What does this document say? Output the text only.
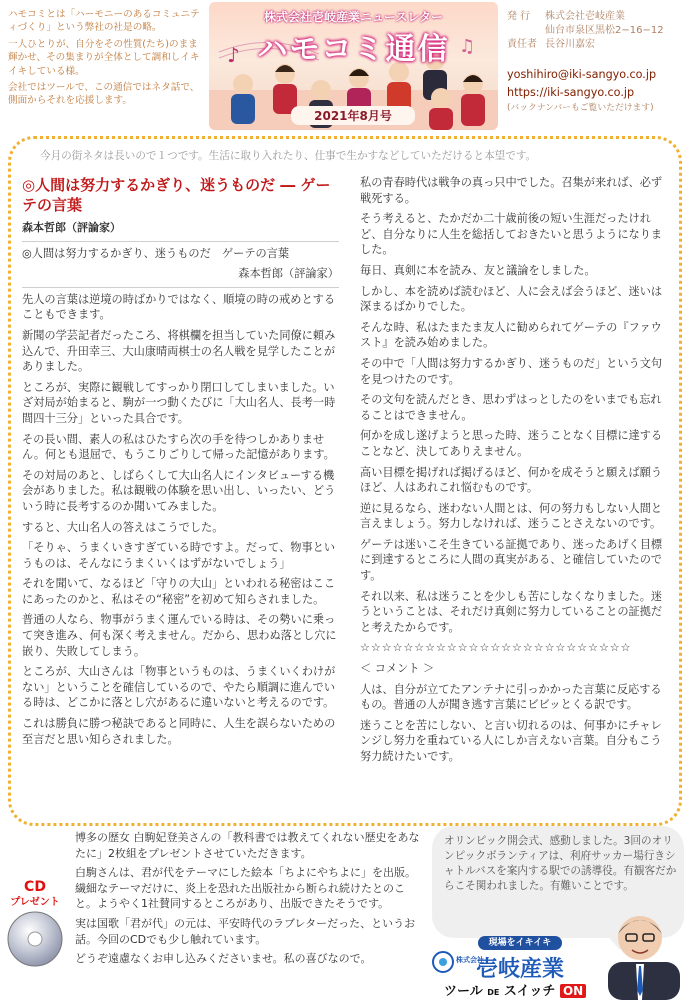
ハモコミとは「ハーモニーのあるコミュニティづくり」という弊社の社是の略。

一人ひとりが、自分をその性質(たち)のまま輝かせ、その集まりが全体として調和しイキイキしている様。

会社ではツールで、この通信ではネタ話で、側面からそれを応援します。

♪	♫
株式会社壱岐産業ニュースレター
ハモコミ通信
2021年8月号
発 行	株式会社壱岐産業
仙台市泉区黒松2−16−12
責任者 長谷川嘉宏
yoshihiro@iki-sangyo.co.jp
https://iki-sangyo.co.jp
(バックナンバーもご覧いただけます)
今月の街ネタは長いので１つです。生活に取り入れたり、仕事で生かすなどしていただけると本望です。

◎人間は努力するかぎり、迷うものだ ― ゲーテの言葉

森本哲郎（評論家）

◎人間は努力するかぎり、迷うものだ　ゲーテの言葉

森本哲郎（評論家）

先人の言葉は逆境の時ばかりではなく、順境の時の戒めとすることもできます。

新聞の学芸記者だったころ、将棋欄を担当していた同僚に頼み込んで、升田幸三、大山康晴両棋士の名人戦を見学したことがありました。

ところが、実際に観戦してすっかり閉口してしまいました。いざ対局が始まると、駒が一つ動くたびに「大山名人、長考一時間四十三分」といった具合です。

その長い間、素人の私はひたすら次の手を待つしかありません。何とも退屈で、もうこりごりして帰った記憶があります。

その対局のあと、しばらくして大山名人にインタビューする機会がありました。私は観戦の体験を思い出し、いったい、どういう時に長考するのか聞いてみました。

すると、大山名人の答えはこうでした。

「そりゃ、うまくいきすぎている時ですよ。だって、物事というものは、そんなにうまくいくはずがないでしょう」

それを聞いて、なるほど「守りの大山」といわれる秘密はここにあったのかと、私はその“秘密”を初めて知らされました。

普通の人なら、物事がうまく運んでいる時は、その勢いに乗って突き進み、何も深く考えません。だから、思わぬ落とし穴に嵌り、失敗してしまう。

ところが、大山さんは「物事というものは、うまくいくわけがない」ということを確信しているので、やたら順調に進んでいる時は、どこかに落とし穴があるに違いないと考えるのです。

これは勝負に勝つ秘訣であると同時に、人生を誤らないための至言だと思い知らされました。

私の青春時代は戦争の真っ只中でした。召集が来れば、必ず戦死する。

そう考えると、たかだか二十歳前後の短い生涯だったけれど、自分なりに人生を総括しておきたいと思うようになりました。

毎日、真剣に本を読み、友と議論をしました。

しかし、本を読めば読むほど、人に会えば会うほど、迷いは深まるばかりでした。

そんな時、私はたまたま友人に勧められてゲーテの『ファウスト』を読み始めました。

その中で「人間は努力するかぎり、迷うものだ」という文句を見つけたのです。

その文句を読んだとき、思わずはっとしたのをいまでも忘れることはできません。

何かを成し遂げようと思った時、迷うことなく目標に達することなど、決してありえません。

高い目標を掲げれば掲げるほど、何かを成そうと願えば願うほど、人はあれこれ悩むものです。

逆に見るなら、迷わない人間とは、何の努力もしない人間と言えましょう。努力しなければ、迷うことさえないのです。

ゲーテは迷いこそ生きている証拠であり、迷ったあげく目標に到達するところに人間の真実がある、と確信していたのです。

それ以来、私は迷うことを少しも苦にしなくなりました。迷うということは、それだけ真剣に努力していることの証拠だと考えたからです。

☆☆☆☆☆☆☆☆☆☆☆☆☆☆☆☆☆☆☆☆☆☆☆☆☆

＜ コメント ＞

人は、自分が立てたアンテナに引っかかった言葉に反応するもの。普通の人が聞き逃す言葉にビビッとくる訳です。

迷うことを苦にしない、と言い切れるのは、何事かにチャレンジし努力を重ねている人にしか言えない言葉。自分もこう努力続けたいです。

CD
プレゼント

博多の歴女 白駒妃登美さんの「教科書では教えてくれない歴史をあなたに」2枚組をプレゼントさせていただきます。

白駒さんは、君が代をテーマにした絵本「ちよにやちよに」を出版。繊細なテーマだけに、炎上を恐れた出版社から断られ続けたとのこと。ようやく1社賛同するところがあり、出版できたそうです。

実は国歌「君が代」の元は、平安時代のラブレターだった、というお話。今回のCDでも少し触れています。

どうぞ遠慮なくお申し込みくださいませ。私の喜びなので。

オリンピック開会式、感動しました。3回のオリンピックボランティアは、利府サッカー場行きシャトルバスを案内する駅での誘導役。有観客だからこそ関われました。有難いことです。
現場をイキイキ
株式会社
壱岐産業
ツール DE スイッチ ON
